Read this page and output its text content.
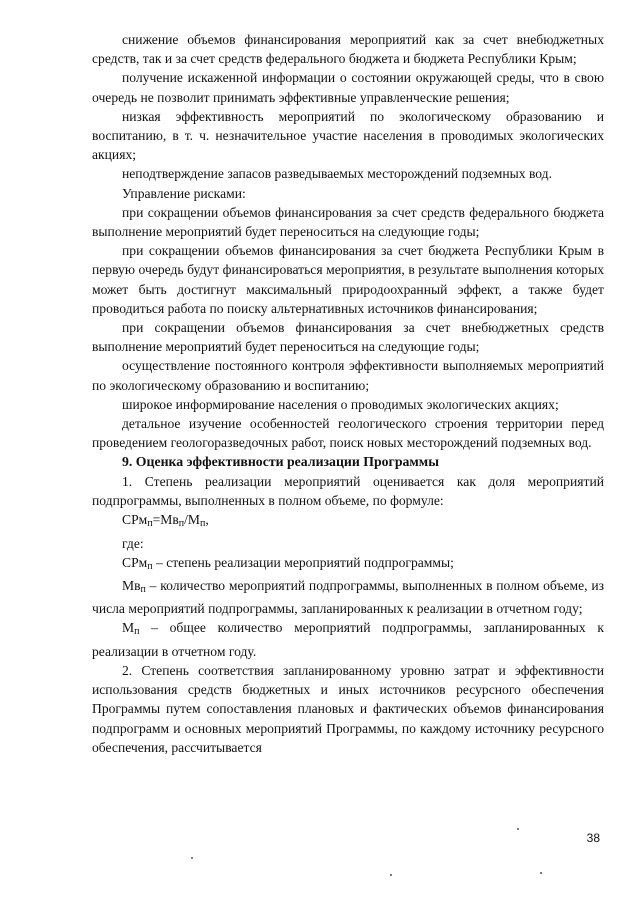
снижение объемов финансирования мероприятий как за счет внебюджетных средств, так и за счет средств федерального бюджета и бюджета Республики Крым;

получение искаженной информации о состоянии окружающей среды, что в свою очередь не позволит принимать эффективные управленческие решения;

низкая эффективность мероприятий по экологическому образованию и воспитанию, в т. ч. незначительное участие населения в проводимых экологических акциях;

неподтверждение запасов разведываемых месторождений подземных вод.

Управление рисками:

при сокращении объемов финансирования за счет средств федерального бюджета выполнение мероприятий будет переноситься на следующие годы;

при сокращении объемов финансирования за счет бюджета Республики Крым в первую очередь будут финансироваться мероприятия, в результате выполнения которых может быть достигнут максимальный природоохранный эффект, а также будет проводиться работа по поиску альтернативных источников финансирования;

при сокращении объемов финансирования за счет внебюджетных средств выполнение мероприятий будет переноситься на следующие годы;

осуществление постоянного контроля эффективности выполняемых мероприятий по экологическому образованию и воспитанию;

широкое информирование населения о проводимых экологических акциях;

детальное изучение особенностей геологического строения территории перед проведением геологоразведочных работ, поиск новых месторождений подземных вод.

9. Оценка эффективности реализации Программы

1. Степень реализации мероприятий оценивается как доля мероприятий подпрограммы, выполненных в полном объеме, по формуле:

$СРм_п=Мв_п/М_п$,

где:

СРм$_п$ – степень реализации мероприятий подпрограммы;

$Мв_п$ – количество мероприятий подпрограммы, выполненных в полном объеме, из числа мероприятий подпрограммы, запланированных к реализации в отчетном году;

$М_п$ – общее количество мероприятий подпрограммы, запланированных к реализации в отчетном году.

2. Степень соответствия запланированному уровню затрат и эффективности использования средств бюджетных и иных источников ресурсного обеспечения Программы путем сопоставления плановых и фактических объемов финансирования подпрограмм и основных мероприятий Программы, по каждому источнику ресурсного обеспечения, рассчитывается

38
